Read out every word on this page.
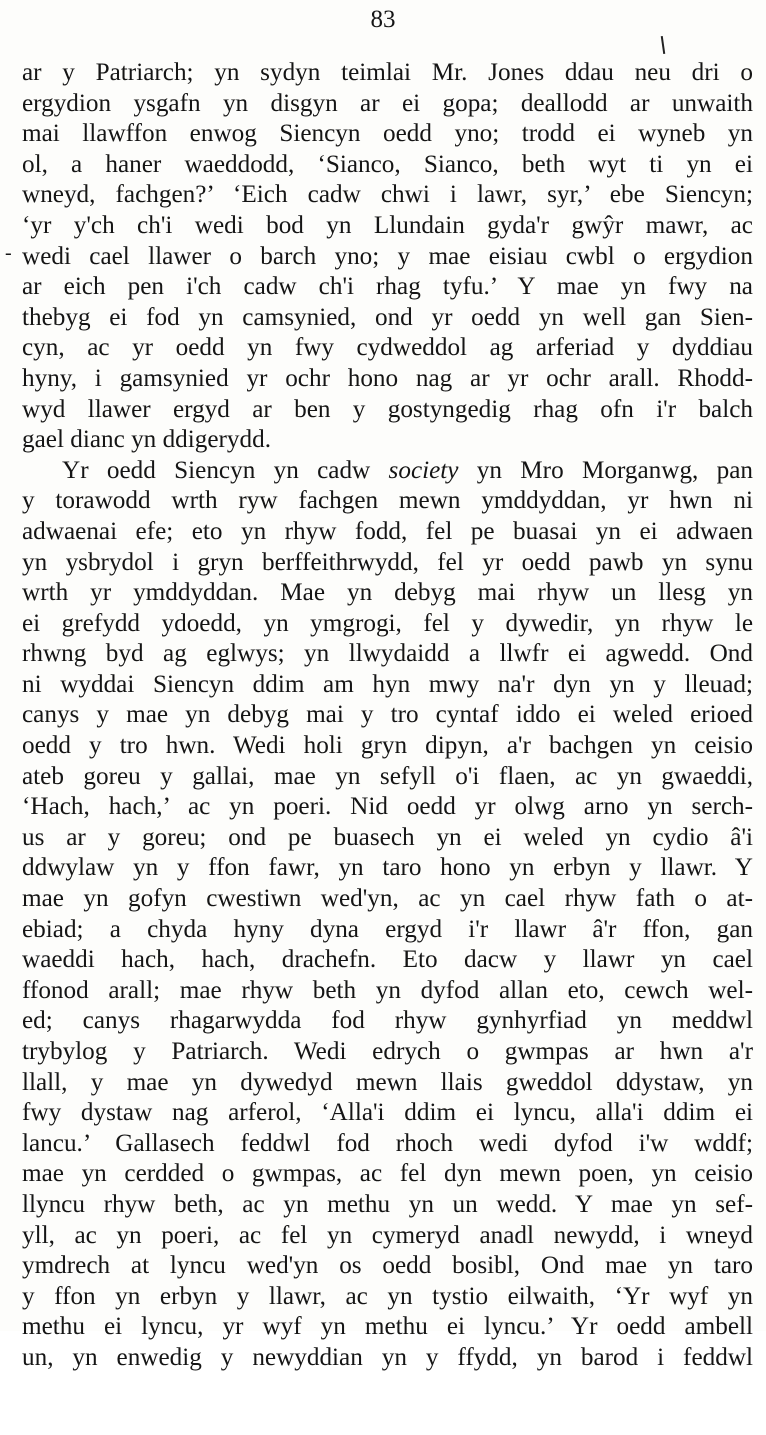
83
-
ar y Patriarch; yn sydyn teimlai Mr. Jones ddau neu dri o
ergydion ysgafn yn disgyn ar ei gopa; deallodd ar unwaith
mai llawffon enwog Siencyn oedd yno; trodd ei wyneb yn
ol, a haner waeddodd, ‘Sianco, Sianco, beth wyt ti yn ei
wneyd, fachgen?’ ‘Eich cadw chwi i lawr, syr,’ ebe Siencyn;
‘yr y'ch ch'i wedi bod yn Llundain gyda'r gwŷr mawr, ac
wedi cael llawer o barch yno; y mae eisiau cwbl o ergydion
ar eich pen i'ch cadw ch'i rhag tyfu.’ Y mae yn fwy na
thebyg ei fod yn camsynied, ond yr oedd yn well gan Sien-
cyn, ac yr oedd yn fwy cydweddol ag arferiad y dyddiau
hyny, i gamsynied yr ochr hono nag ar yr ochr arall. Rhodd-
wyd llawer ergyd ar ben y gostyngedig rhag ofn i'r balch
gael dianc yn ddigerydd.
Yr oedd Siencyn yn cadw society yn Mro Morganwg, pan
y torawodd wrth ryw fachgen mewn ymddyddan, yr hwn ni
adwaenai efe; eto yn rhyw fodd, fel pe buasai yn ei adwaen
yn ysbrydol i gryn berffeithrwydd, fel yr oedd pawb yn synu
wrth yr ymddyddan. Mae yn debyg mai rhyw un llesg yn
ei grefydd ydoedd, yn ymgrogi, fel y dywedir, yn rhyw le
rhwng byd ag eglwys; yn llwydaidd a llwfr ei agwedd. Ond
ni wyddai Siencyn ddim am hyn mwy na'r dyn yn y lleuad;
canys y mae yn debyg mai y tro cyntaf iddo ei weled erioed
oedd y tro hwn. Wedi holi gryn dipyn, a'r bachgen yn ceisio
ateb goreu y gallai, mae yn sefyll o'i flaen, ac yn gwaeddi,
‘Hach, hach,’ ac yn poeri. Nid oedd yr olwg arno yn serch-
us ar y goreu; ond pe buasech yn ei weled yn cydio â'i
ddwylaw yn y ffon fawr, yn taro hono yn erbyn y llawr. Y
mae yn gofyn cwestiwn wed'yn, ac yn cael rhyw fath o at-
ebiad; a chyda hyny dyna ergyd i'r llawr â'r ffon, gan
waeddi hach, hach, drachefn. Eto dacw y llawr yn cael
ffonod arall; mae rhyw beth yn dyfod allan eto, cewch wel-
ed; canys rhagarwydda fod rhyw gynhyrfiad yn meddwl
trybylog y Patriarch. Wedi edrych o gwmpas ar hwn a'r
llall, y mae yn dywedyd mewn llais gweddol ddystaw, yn
fwy dystaw nag arferol, ‘Alla'i ddim ei lyncu, alla'i ddim ei
lancu.’ Gallasech feddwl fod rhoch wedi dyfod i'w wddf;
mae yn cerdded o gwmpas, ac fel dyn mewn poen, yn ceisio
llyncu rhyw beth, ac yn methu yn un wedd. Y mae yn sef-
yll, ac yn poeri, ac fel yn cymeryd anadl newydd, i wneyd
ymdrech at lyncu wed'yn os oedd bosibl, Ond mae yn taro
y ffon yn erbyn y llawr, ac yn tystio eilwaith, ‘Yr wyf yn
methu ei lyncu, yr wyf yn methu ei lyncu.’ Yr oedd ambell
un, yn enwedig y newyddian yn y ffydd, yn barod i feddwl
